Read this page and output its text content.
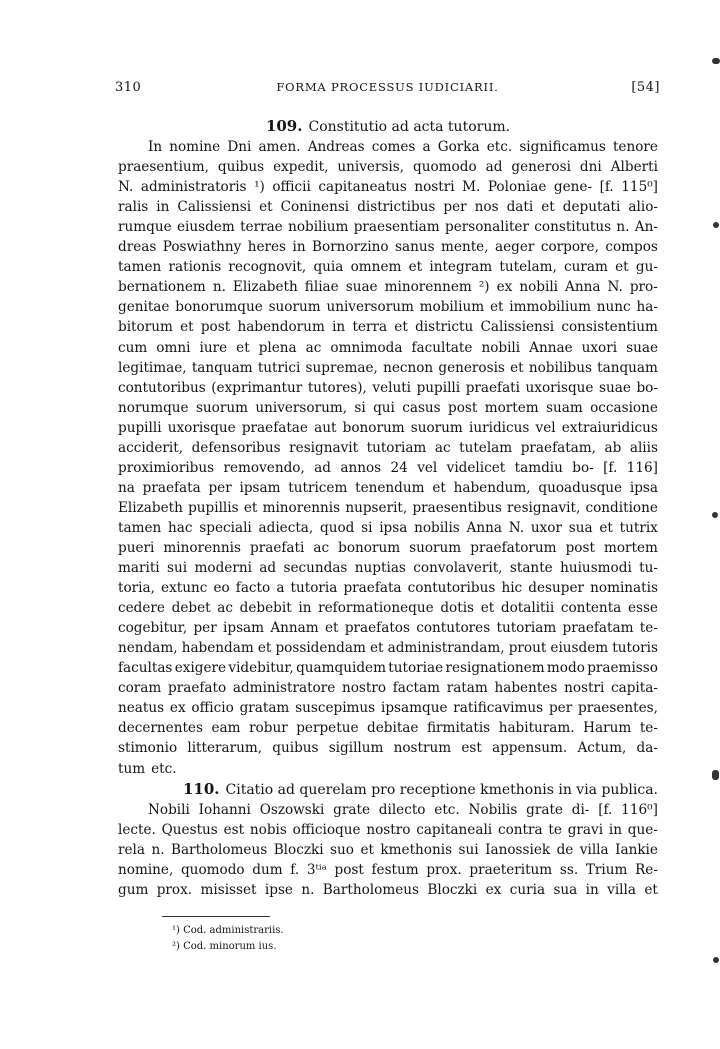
310	FORMA PROCESSUS IUDICIARII.	[54]

109. Constitutio ad acta tutorum.

In nomine Dni amen. Andreas comes a Gorka etc. significamus tenore
praesentium, quibus expedit, universis, quomodo ad generosi dni Alberti
N. administratoris ¹) officii capitaneatus nostri M. Poloniae gene- [f. 115⁰]
ralis in Calissiensi et Coninensi districtibus per nos dati et deputati alio-
rumque eiusdem terrae nobilium praesentiam personaliter constitutus n. An-
dreas Poswiathny heres in Bornorzino sanus mente, aeger corpore, compos
tamen rationis recognovit, quia omnem et integram tutelam, curam et gu-
bernationem n. Elizabeth filiae suae minorennem ²) ex nobili Anna N. pro-
genitae bonorumque suorum universorum mobilium et immobilium nunc ha-
bitorum et post habendorum in terra et districtu Calissiensi consistentium
cum omni iure et plena ac omnimoda facultate nobili Annae uxori suae
legitimae, tanquam tutrici supremae, necnon generosis et nobilibus tanquam
contutoribus (exprimantur tutores), veluti pupilli praefati uxorisque suae bo-
norumque suorum universorum, si qui casus post mortem suam occasione
pupilli uxorisque praefatae aut bonorum suorum iuridicus vel extraiuridicus
acciderit, defensoribus resignavit tutoriam ac tutelam praefatam, ab aliis
proximioribus removendo, ad annos 24 vel videlicet tamdiu bo- [f. 116]
na praefata per ipsam tutricem tenendum et habendum, quoadusque ipsa
Elizabeth pupillis et minorennis nupserit, praesentibus resignavit, conditione
tamen hac speciali adiecta, quod si ipsa nobilis Anna N. uxor sua et tutrix
pueri minorennis praefati ac bonorum suorum praefatorum post mortem
mariti sui moderni ad secundas nuptias convolaverit, stante huiusmodi tu-
toria, extunc eo facto a tutoria praefata contutoribus hic desuper nominatis
cedere debet ac debebit in reformationeque dotis et dotalitii contenta esse
cogebitur, per ipsam Annam et praefatos contutores tutoriam praefatam te-
nendam, habendam et possidendam et administrandam, prout eiusdem tutoris
facultas exigere videbitur, quamquidem tutoriae resignationem modo praemisso
coram praefato administratore nostro factam ratam habentes nostri capita-
neatus ex officio gratam suscepimus ipsamque ratificavimus per praesentes,
decernentes eam robur perpetue debitae firmitatis habituram. Harum te-
stimonio litterarum, quibus sigillum nostrum est appensum. Actum, da-
tum etc.

110. Citatio ad querelam pro receptione kmethonis in via publica.

Nobili Iohanni Oszowski grate dilecto etc. Nobilis grate di- [f. 116⁰]
lecte. Questus est nobis officioque nostro capitaneali contra te gravi in que-
rela n. Bartholomeus Bloczki suo et kmethonis sui Ianossiek de villa Iankie
nomine, quomodo dum f. 3ᵗⁱᵃ post festum prox. praeteritum ss. Trium Re-
gum prox. misisset ipse n. Bartholomeus Bloczki ex curia sua in villa et
¹) Cod. administrariis.
²) Cod. minorum ius.
